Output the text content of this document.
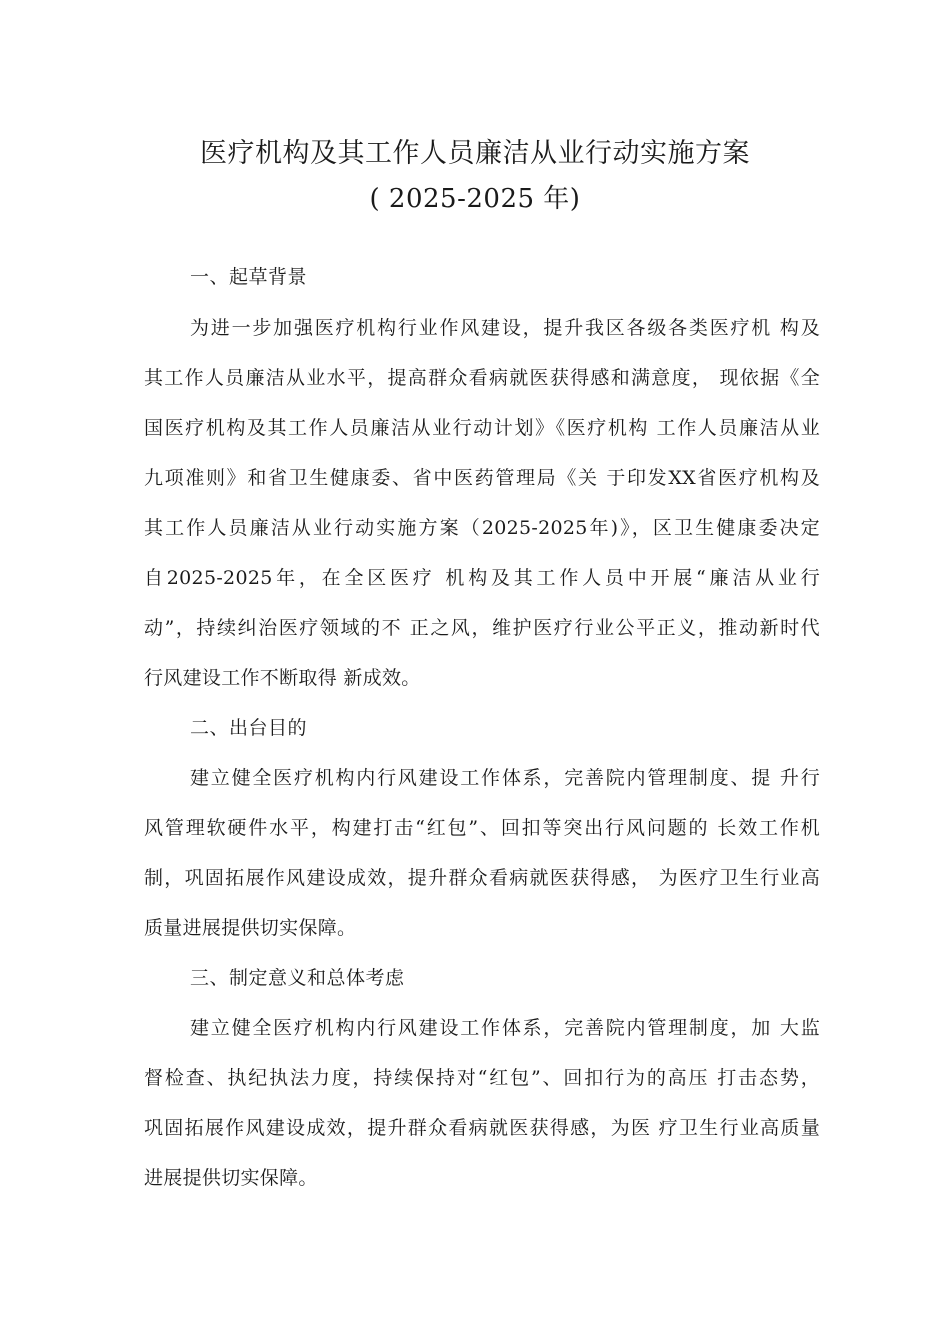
医疗机构及其工作人员廉洁从业行动实施方案
( 2025-2025 年)
一、起草背景
为进一步加强医疗机构行业作风建设，提升我区各级各类医疗机 构及
其工作人员廉洁从业水平，提高群众看病就医获得感和满意度， 现依据《全
国医疗机构及其工作人员廉洁从业行动计划》《医疗机构 工作人员廉洁从业
九项准则》和省卫生健康委、省中医药管理局《关 于印发XX省医疗机构及
其工作人员廉洁从业行动实施方案（2025-2025年)》，区卫生健康委决定
自2025-2025年，在全区医疗 机构及其工作人员中开展“廉洁从业行
动”，持续纠治医疗领域的不 正之风，维护医疗行业公平正义，推动新时代
行风建设工作不断取得 新成效。
二、出台目的
建立健全医疗机构内行风建设工作体系，完善院内管理制度、提 升行
风管理软硬件水平，构建打击“红包”、回扣等突出行风问题的 长效工作机
制，巩固拓展作风建设成效，提升群众看病就医获得感， 为医疗卫生行业高
质量进展提供切实保障。
三、制定意义和总体考虑
建立健全医疗机构内行风建设工作体系，完善院内管理制度，加 大监
督检查、执纪执法力度，持续保持对“红包”、回扣行为的高压 打击态势，
巩固拓展作风建设成效，提升群众看病就医获得感，为医 疗卫生行业高质量
进展提供切实保障。
